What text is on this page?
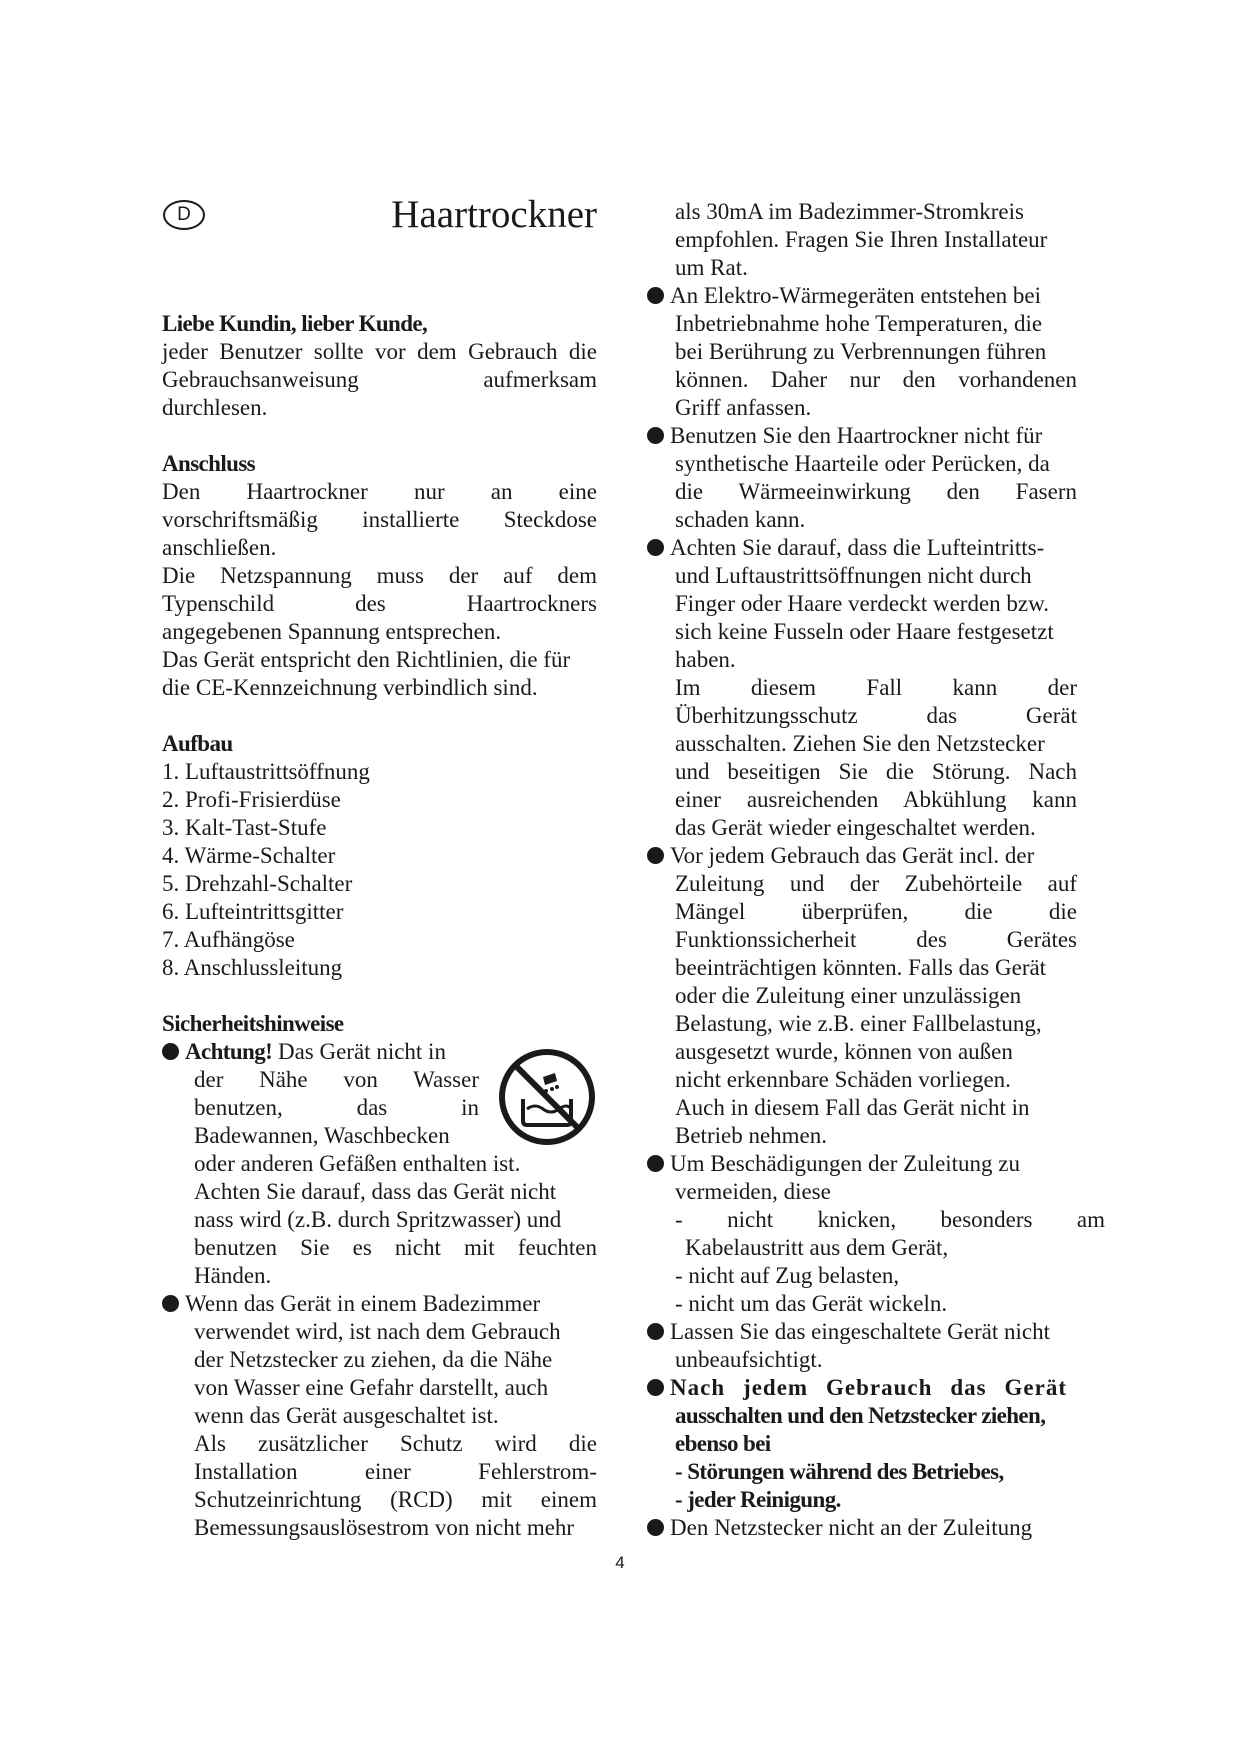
D	Haartrockner
Liebe Kundin, lieber Kunde,
jeder Benutzer sollte vor dem Gebrauch die
Gebrauchsanweisung aufmerksam
durchlesen.
Anschluss
Den Haartrockner nur an eine
vorschriftsmäßig installierte Steckdose
anschließen.
Die Netzspannung muss der auf dem
Typenschild des Haartrockners
angegebenen Spannung entsprechen.
Das Gerät entspricht den Richtlinien, die für
die CE-Kennzeichnung verbindlich sind.
Aufbau
1. Luftaustrittsöffnung
2. Profi-Frisierdüse
3. Kalt-Tast-Stufe
4. Wärme-Schalter
5. Drehzahl-Schalter
6. Lufteintrittsgitter
7. Aufhängöse
8. Anschlussleitung
Sicherheitshinweise
Achtung! Das Gerät nicht in
der Nähe von Wasser
benutzen, das in
Badewannen, Waschbecken
oder anderen Gefäßen enthalten ist.
Achten Sie darauf, dass das Gerät nicht
nass wird (z.B. durch Spritzwasser) und
benutzen Sie es nicht mit feuchten
Händen.
Wenn das Gerät in einem Badezimmer
verwendet wird, ist nach dem Gebrauch
der Netzstecker zu ziehen, da die Nähe
von Wasser eine Gefahr darstellt, auch
wenn das Gerät ausgeschaltet ist.
Als zusätzlicher Schutz wird die
Installation einer Fehlerstrom-
Schutzeinrichtung (RCD) mit einem
Bemessungsauslösestrom von nicht mehr
als 30mA im Badezimmer-Stromkreis
empfohlen. Fragen Sie Ihren Installateur
um Rat.
An Elektro-Wärmegeräten entstehen bei
Inbetriebnahme hohe Temperaturen, die
bei Berührung zu Verbrennungen führen
können. Daher nur den vorhandenen
Griff anfassen.
Benutzen Sie den Haartrockner nicht für
synthetische Haarteile oder Perücken, da
die Wärmeeinwirkung den Fasern
schaden kann.
Achten Sie darauf, dass die Lufteintritts-
und Luftaustrittsöffnungen nicht durch
Finger oder Haare verdeckt werden bzw.
sich keine Fusseln oder Haare festgesetzt
haben.
Im diesem Fall kann der
Überhitzungsschutz das Gerät
ausschalten. Ziehen Sie den Netzstecker
und beseitigen Sie die Störung. Nach
einer ausreichenden Abkühlung kann
das Gerät wieder eingeschaltet werden.
Vor jedem Gebrauch das Gerät incl. der
Zuleitung und der Zubehörteile auf
Mängel überprüfen, die die
Funktionssicherheit des Gerätes
beeinträchtigen könnten. Falls das Gerät
oder die Zuleitung einer unzulässigen
Belastung, wie z.B. einer Fallbelastung,
ausgesetzt wurde, können von außen
nicht erkennbare Schäden vorliegen.
Auch in diesem Fall das Gerät nicht in
Betrieb nehmen.
Um Beschädigungen der Zuleitung zu
vermeiden, diese
- nicht knicken, besonders am
Kabelaustritt aus dem Gerät,
- nicht auf Zug belasten,
- nicht um das Gerät wickeln.
Lassen Sie das eingeschaltete Gerät nicht
unbeaufsichtigt.
Nach jedem Gebrauch das Gerät
ausschalten und den Netzstecker ziehen,
ebenso bei
- Störungen während des Betriebes,
- jeder Reinigung.
Den Netzstecker nicht an der Zuleitung
4
